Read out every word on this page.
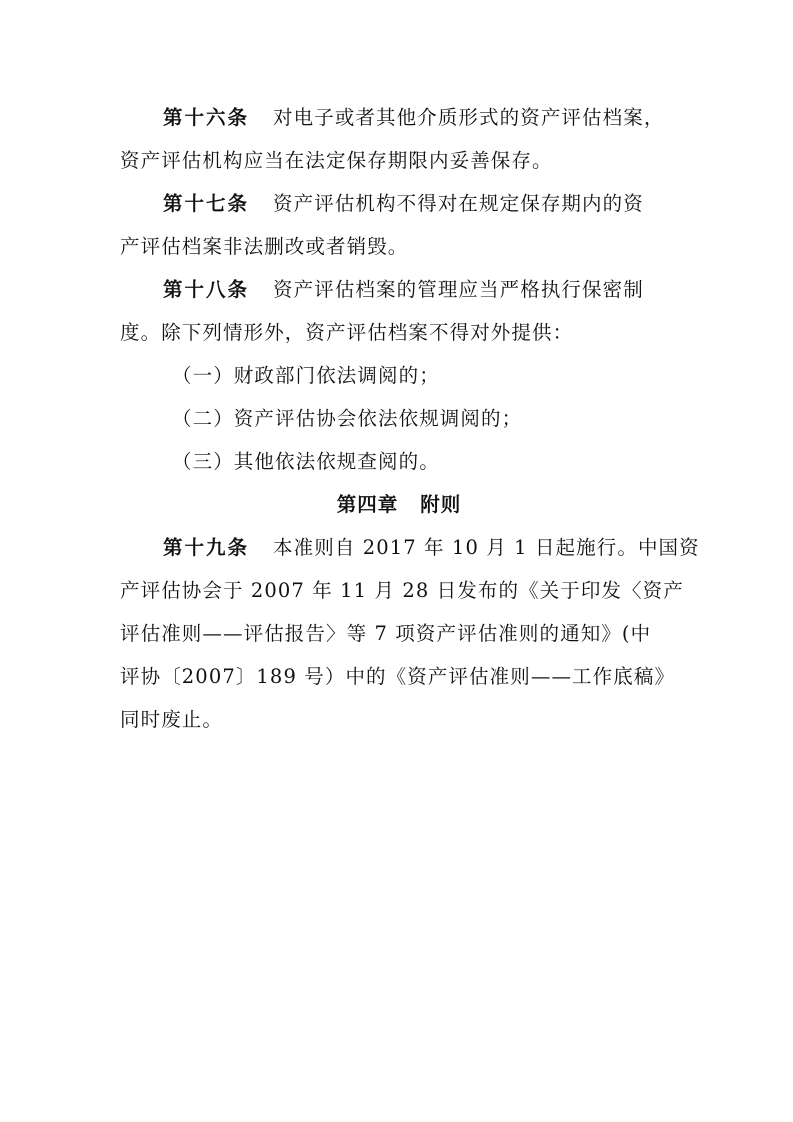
第十六条 对电子或者其他介质形式的资产评估档案，
资产评估机构应当在法定保存期限内妥善保存。
第十七条 资产评估机构不得对在规定保存期内的资
产评估档案非法删改或者销毁。
第十八条 资产评估档案的管理应当严格执行保密制
度。除下列情形外，资产评估档案不得对外提供：
（一）财政部门依法调阅的；
（二）资产评估协会依法依规调阅的；
（三）其他依法依规查阅的。
第四章 附则
第十九条 本准则自 2017 年 10 月 1 日起施行。中国资
产评估协会于 2007 年 11 月 28 日发布的《关于印发〈资产
评估准则——评估报告〉等 7 项资产评估准则的通知》(中
评协〔2007〕189 号）中的《资产评估准则——工作底稿》
同时废止。
